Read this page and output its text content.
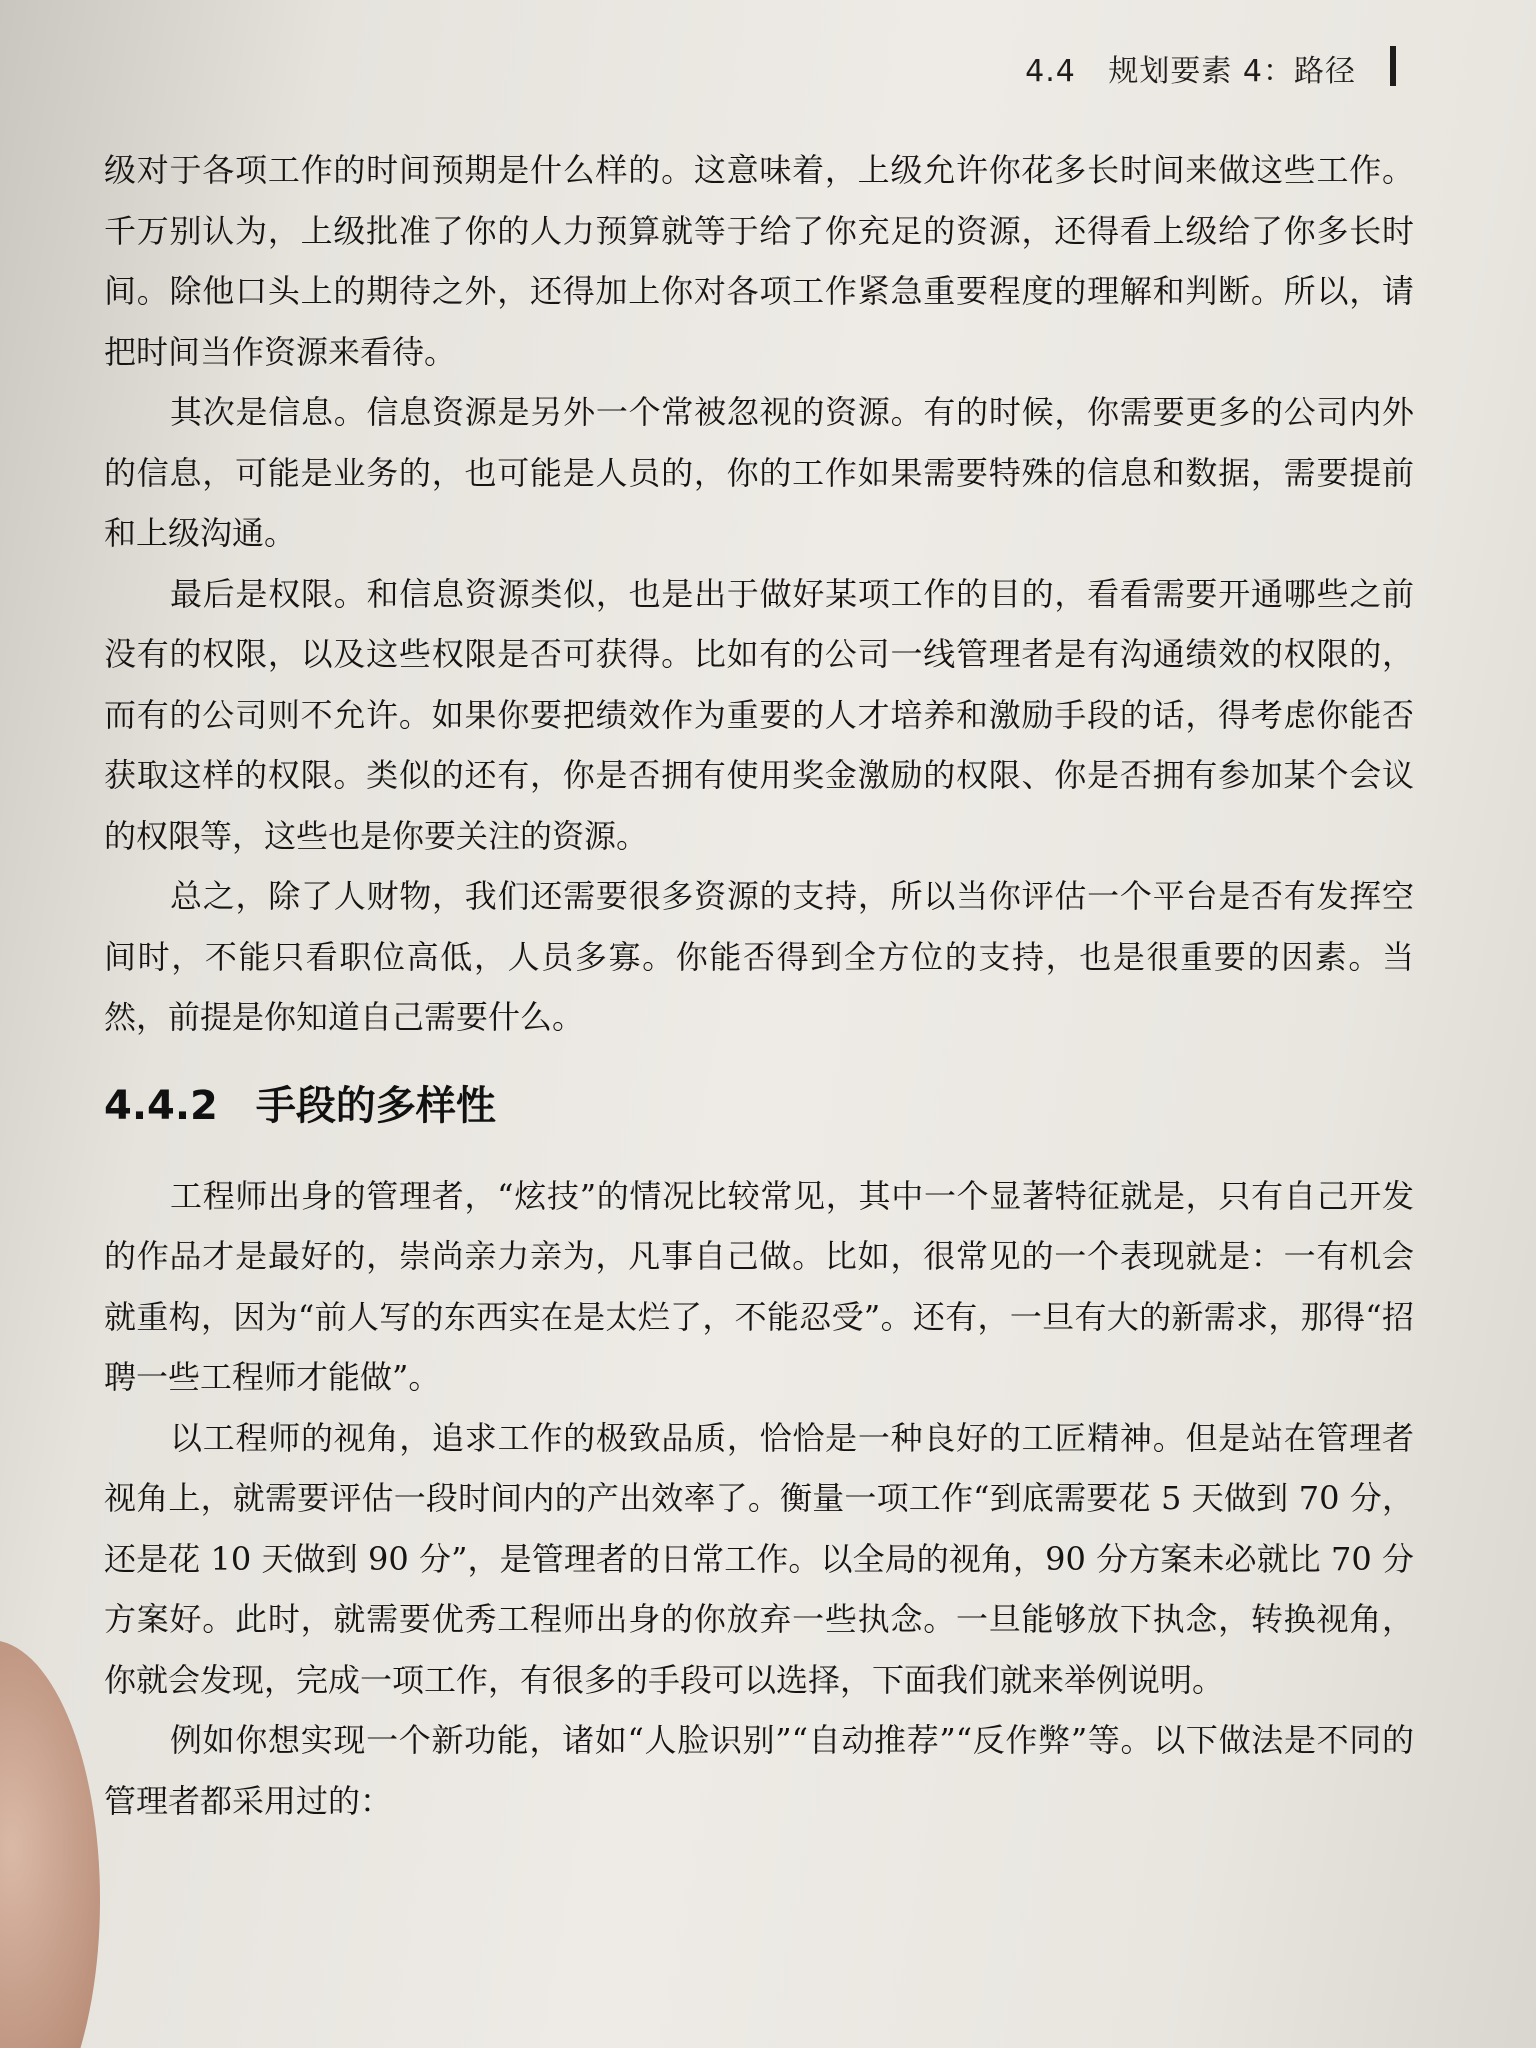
4.4 规划要素 4：路径

级对于各项工作的时间预期是什么样的。这意味着，上级允许你花多长时间来做这些工作。千万别认为，上级批准了你的人力预算就等于给了你充足的资源，还得看上级给了你多长时间。除他口头上的期待之外，还得加上你对各项工作紧急重要程度的理解和判断。所以，请把时间当作资源来看待。

其次是信息。信息资源是另外一个常被忽视的资源。有的时候，你需要更多的公司内外的信息，可能是业务的，也可能是人员的，你的工作如果需要特殊的信息和数据，需要提前和上级沟通。

最后是权限。和信息资源类似，也是出于做好某项工作的目的，看看需要开通哪些之前没有的权限，以及这些权限是否可获得。比如有的公司一线管理者是有沟通绩效的权限的，而有的公司则不允许。如果你要把绩效作为重要的人才培养和激励手段的话，得考虑你能否获取这样的权限。类似的还有，你是否拥有使用奖金激励的权限、你是否拥有参加某个会议的权限等，这些也是你要关注的资源。

总之，除了人财物，我们还需要很多资源的支持，所以当你评估一个平台是否有发挥空间时，不能只看职位高低，人员多寡。你能否得到全方位的支持，也是很重要的因素。当然，前提是你知道自己需要什么。

4.4.2 手段的多样性

工程师出身的管理者，“炫技”的情况比较常见，其中一个显著特征就是，只有自己开发的作品才是最好的，崇尚亲力亲为，凡事自己做。比如，很常见的一个表现就是：一有机会就重构，因为“前人写的东西实在是太烂了，不能忍受”。还有，一旦有大的新需求，那得“招聘一些工程师才能做”。

以工程师的视角，追求工作的极致品质，恰恰是一种良好的工匠精神。但是站在管理者视角上，就需要评估一段时间内的产出效率了。衡量一项工作“到底需要花 5 天做到 70 分，还是花 10 天做到 90 分”，是管理者的日常工作。以全局的视角，90 分方案未必就比 70 分方案好。此时，就需要优秀工程师出身的你放弃一些执念。一旦能够放下执念，转换视角，你就会发现，完成一项工作，有很多的手段可以选择，下面我们就来举例说明。

例如你想实现一个新功能，诸如“人脸识别”“自动推荐”“反作弊”等。以下做法是不同的管理者都采用过的：
